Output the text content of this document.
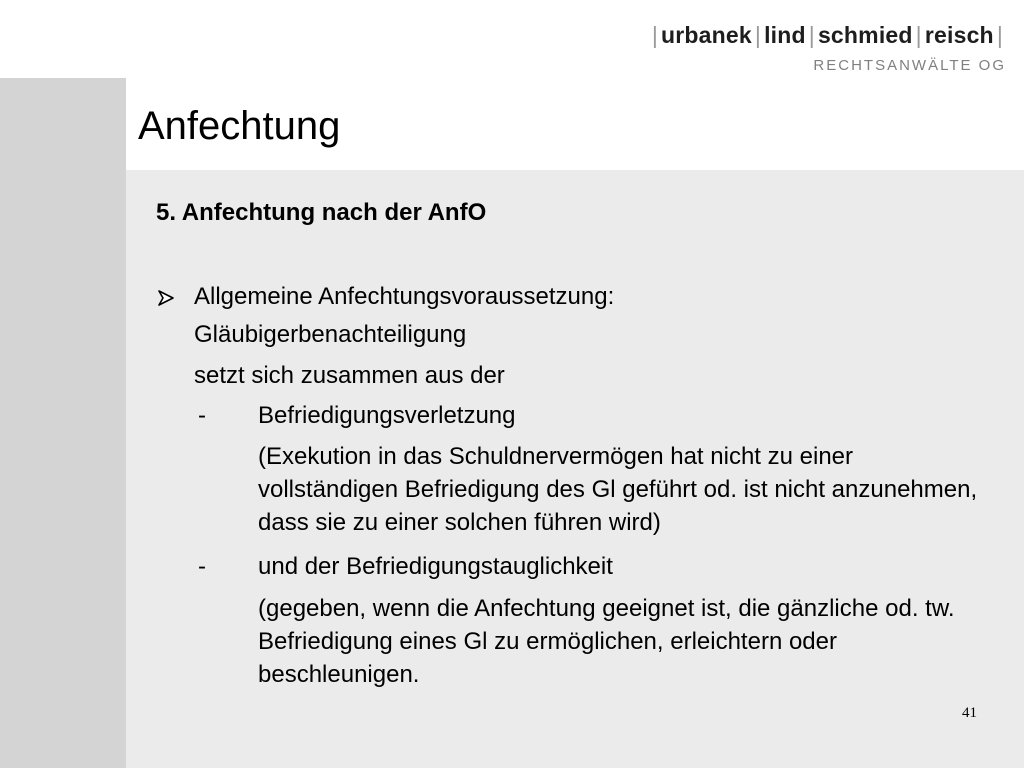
| urbanek | lind | schmied | reisch |
RECHTSANWÄLTE OG
Anfechtung
5. Anfechtung nach der AnfO
Allgemeine Anfechtungsvoraussetzung:
Gläubigerbenachteiligung
setzt sich zusammen aus der
- Befriedigungsverletzung
(Exekution in das Schuldnervermögen hat nicht zu einer vollständigen Befriedigung des Gl geführt od. ist nicht anzunehmen, dass sie zu einer solchen führen wird)
- und der Befriedigungstauglichkeit
(gegeben, wenn die Anfechtung geeignet ist, die gänzliche od. tw. Befriedigung eines Gl zu ermöglichen, erleichtern oder beschleunigen.
41
